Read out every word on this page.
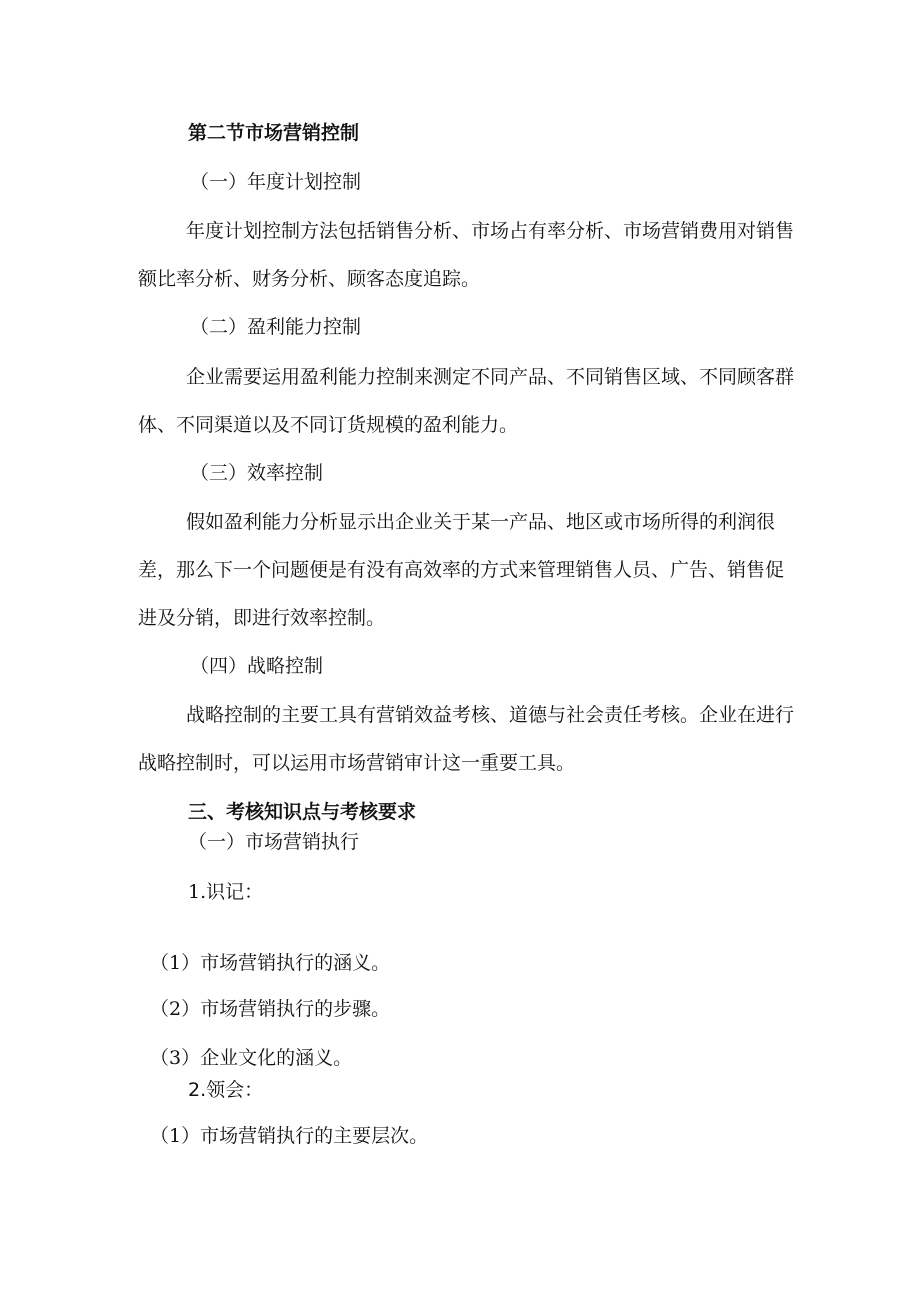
第二节市场营销控制
（一）年度计划控制

年度计划控制方法包括销售分析、市场占有率分析、市场营销费用对销售额比率分析、财务分析、顾客态度追踪。

（二）盈利能力控制

企业需要运用盈利能力控制来测定不同产品、不同销售区域、不同顾客群体、不同渠道以及不同订货规模的盈利能力。

（三）效率控制

假如盈利能力分析显示出企业关于某一产品、地区或市场所得的利润很差，那么下一个问题便是有没有高效率的方式来管理销售人员、广告、销售促进及分销，即进行效率控制。

（四）战略控制

战略控制的主要工具有营销效益考核、道德与社会责任考核。企业在进行战略控制时，可以运用市场营销审计这一重要工具。

三、考核知识点与考核要求
（一）市场营销执行
1.识记：
（1）市场营销执行的涵义。
（2）市场营销执行的步骤。
（3）企业文化的涵义。
2.领会：
（1）市场营销执行的主要层次。
